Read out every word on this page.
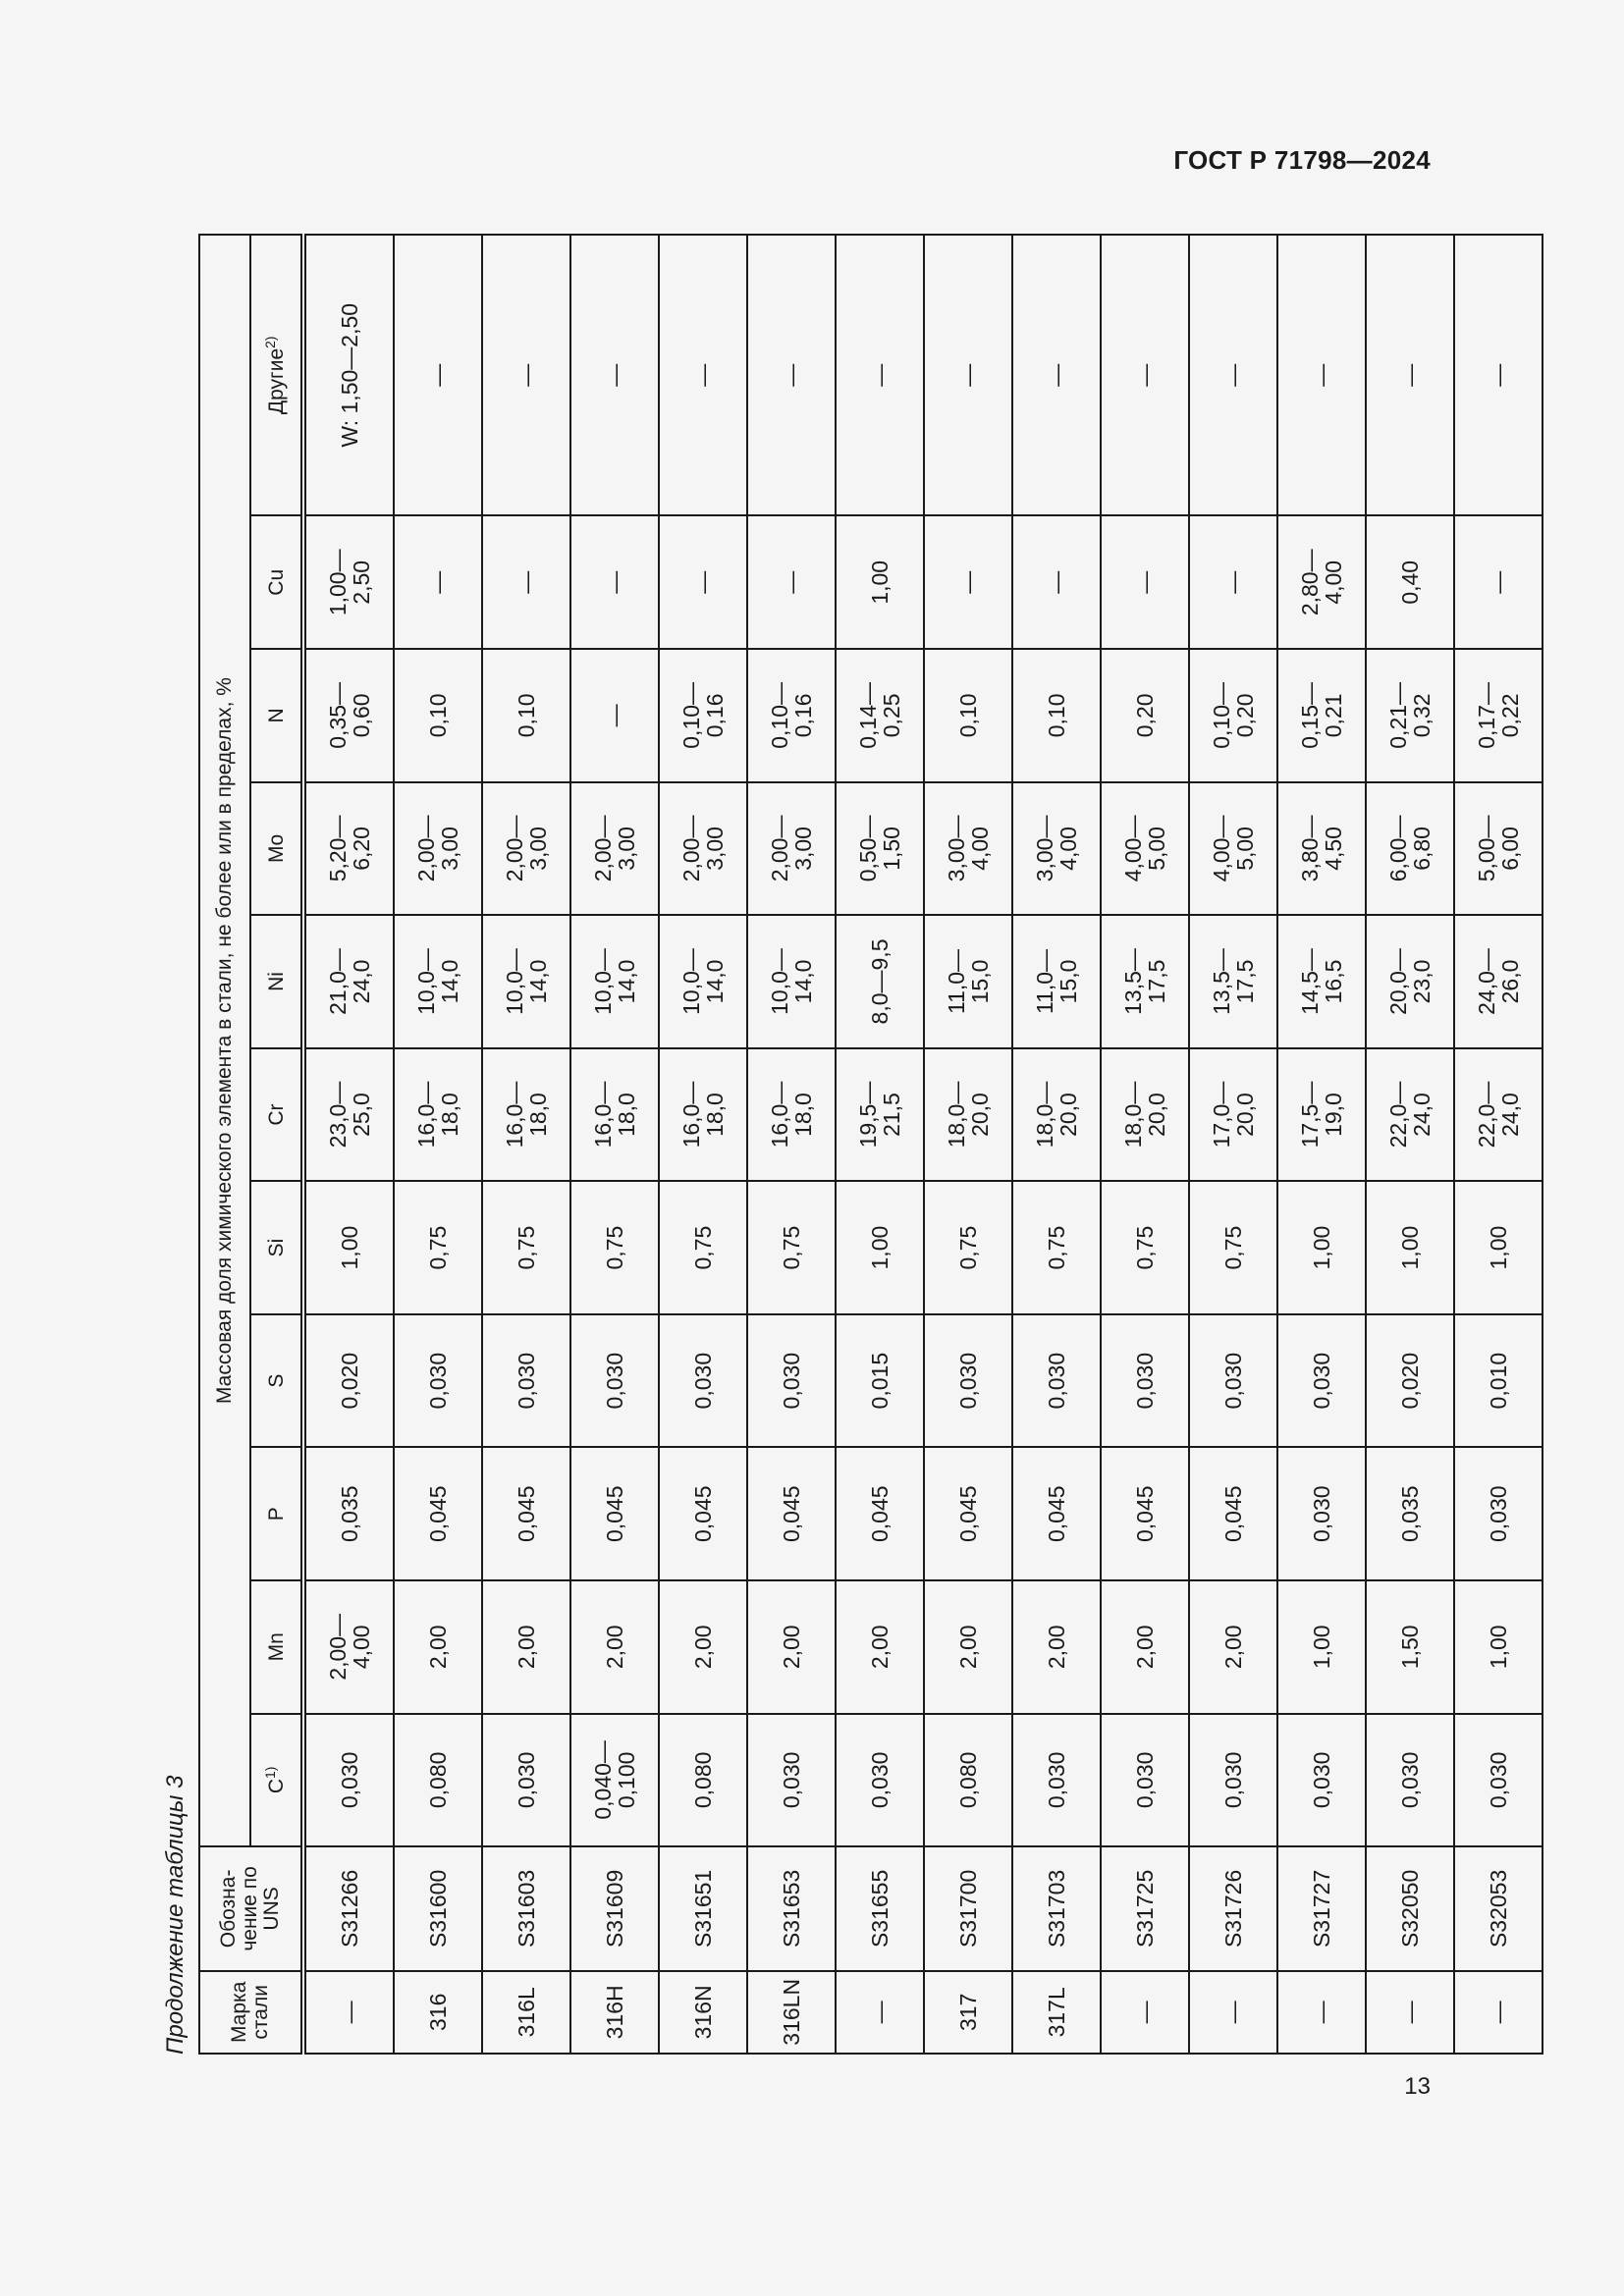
ГОСТ Р 71798—2024
Продолжение таблицы 3 Марка стали	Обозна-
чение по
UNS	Массовая доля химического элемента в стали, не более или в пределах, %										
		$C^{1)}$	Mn	P	S	Si	Cr	Ni	Mo	N	Cu	Другие$^{2)}$
—	S31266	0,030	2,00—
4,00	0,035	0,020	1,00	23,0—
25,0	21,0—
24,0	5,20—
6,20	0,35—
0,60	1,00—
2,50	W: 1,50—2,50
316	S31600	0,080	2,00	0,045	0,030	0,75	16,0—
18,0	10,0—
14,0	2,00—
3,00	0,10	—	—
316L	S31603	0,030	2,00	0,045	0,030	0,75	16,0—
18,0	10,0—
14,0	2,00—
3,00	0,10	—	—
316H	S31609	0,040—
0,100	2,00	0,045	0,030	0,75	16,0—
18,0	10,0—
14,0	2,00—
3,00	—	—	—
316N	S31651	0,080	2,00	0,045	0,030	0,75	16,0—
18,0	10,0—
14,0	2,00—
3,00	0,10—
0,16	—	—
316LN	S31653	0,030	2,00	0,045	0,030	0,75	16,0—
18,0	10,0—
14,0	2,00—
3,00	0,10—
0,16	—	—
—	S31655	0,030	2,00	0,045	0,015	1,00	19,5—
21,5	8,0—9,5	0,50—
1,50	0,14—
0,25	1,00	—
317	S31700	0,080	2,00	0,045	0,030	0,75	18,0—
20,0	11,0—
15,0	3,00—
4,00	0,10	—	—
317L	S31703	0,030	2,00	0,045	0,030	0,75	18,0—
20,0	11,0—
15,0	3,00—
4,00	0,10	—	—
—	S31725	0,030	2,00	0,045	0,030	0,75	18,0—
20,0	13,5—
17,5	4,00—
5,00	0,20	—	—
—	S31726	0,030	2,00	0,045	0,030	0,75	17,0—
20,0	13,5—
17,5	4,00—
5,00	0,10—
0,20	—	—
—	S31727	0,030	1,00	0,030	0,030	1,00	17,5—
19,0	14,5—
16,5	3,80—
4,50	0,15—
0,21	2,80—
4,00	—
—	S32050	0,030	1,50	0,035	0,020	1,00	22,0—
24,0	20,0—
23,0	6,00—
6,80	0,21—
0,32	0,40	—
—	S32053	0,030	1,00	0,030	0,010	1,00	22,0—
24,0	24,0—
26,0	5,00—
6,00	0,17—
0,22	—	—
13
